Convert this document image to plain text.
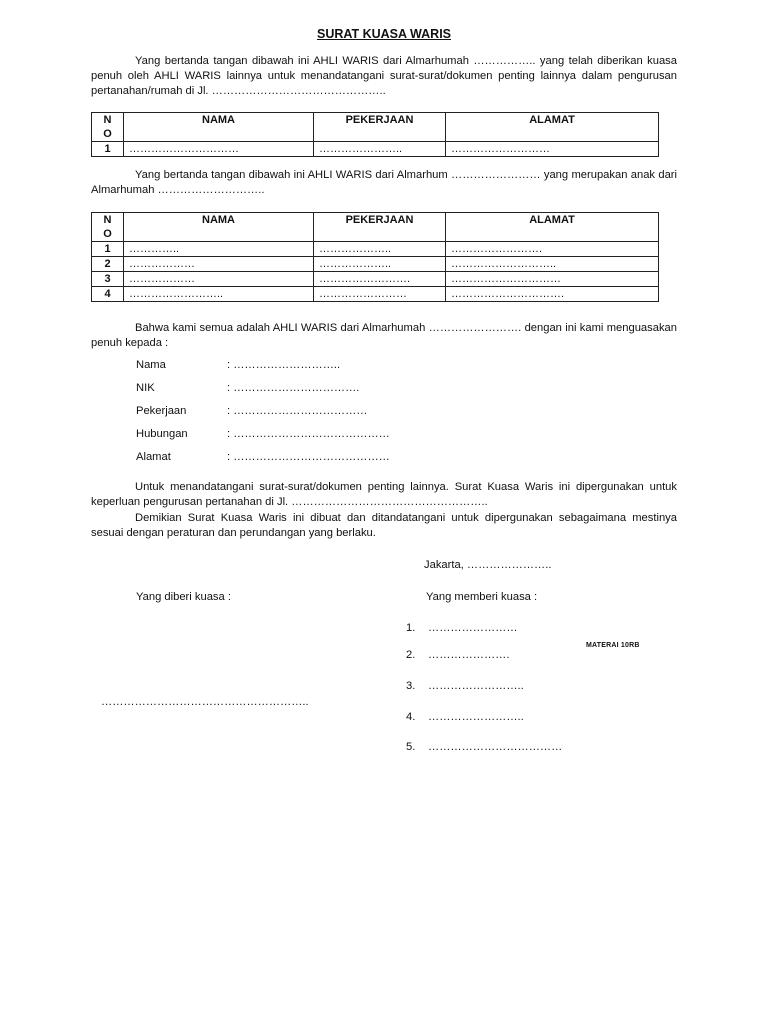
SURAT KUASA WARIS
Yang bertanda tangan dibawah ini AHLI WARIS dari Almarhumah …………….. yang telah diberikan kuasa penuh oleh AHLI WARIS lainnya untuk menandatangani surat-surat/dokumen penting lainnya dalam pengurusan pertanahan/rumah di Jl. ………………………………………..
N
O	NAMA	PEKERJAAN	ALAMAT
1	…………………………	…………………..	………………………
Yang bertanda tangan dibawah ini AHLI WARIS dari Almarhum …………………… yang merupakan anak dari Almarhumah ………………………..
N
O	NAMA	PEKERJAAN	ALAMAT
1	…………..	………………..	…………………….
2	………………	………………..	………………………..
3	………………	…………………….	…………………………
4	……………………..	……………………	………………………….
Bahwa kami semua adalah AHLI WARIS dari Almarhumah ……………………. dengan ini kami menguasakan penuh kepada :
Nama	: ………………………..
NIK	: …………………………….
Pekerjaan	: ………………………………
Hubungan	: ……………………………………
Alamat	: ……………………………………
Untuk menandatangani surat-surat/dokumen penting lainnya. Surat Kuasa Waris ini dipergunakan untuk keperluan pengurusan pertanahan di Jl. ……………………………………………..
Demikian Surat Kuasa Waris ini dibuat dan ditandatangani untuk dipergunakan sebagaimana mestinya sesuai dengan peraturan dan perundangan yang berlaku.
Jakarta, …………………..
Yang diberi kuasa :	Yang memberi kuasa :
1. ……………………
MATERAI 10RB
2. ………………….
3. ……………………..
………………………………………………..
4. ……………………..
5. ………………………………
